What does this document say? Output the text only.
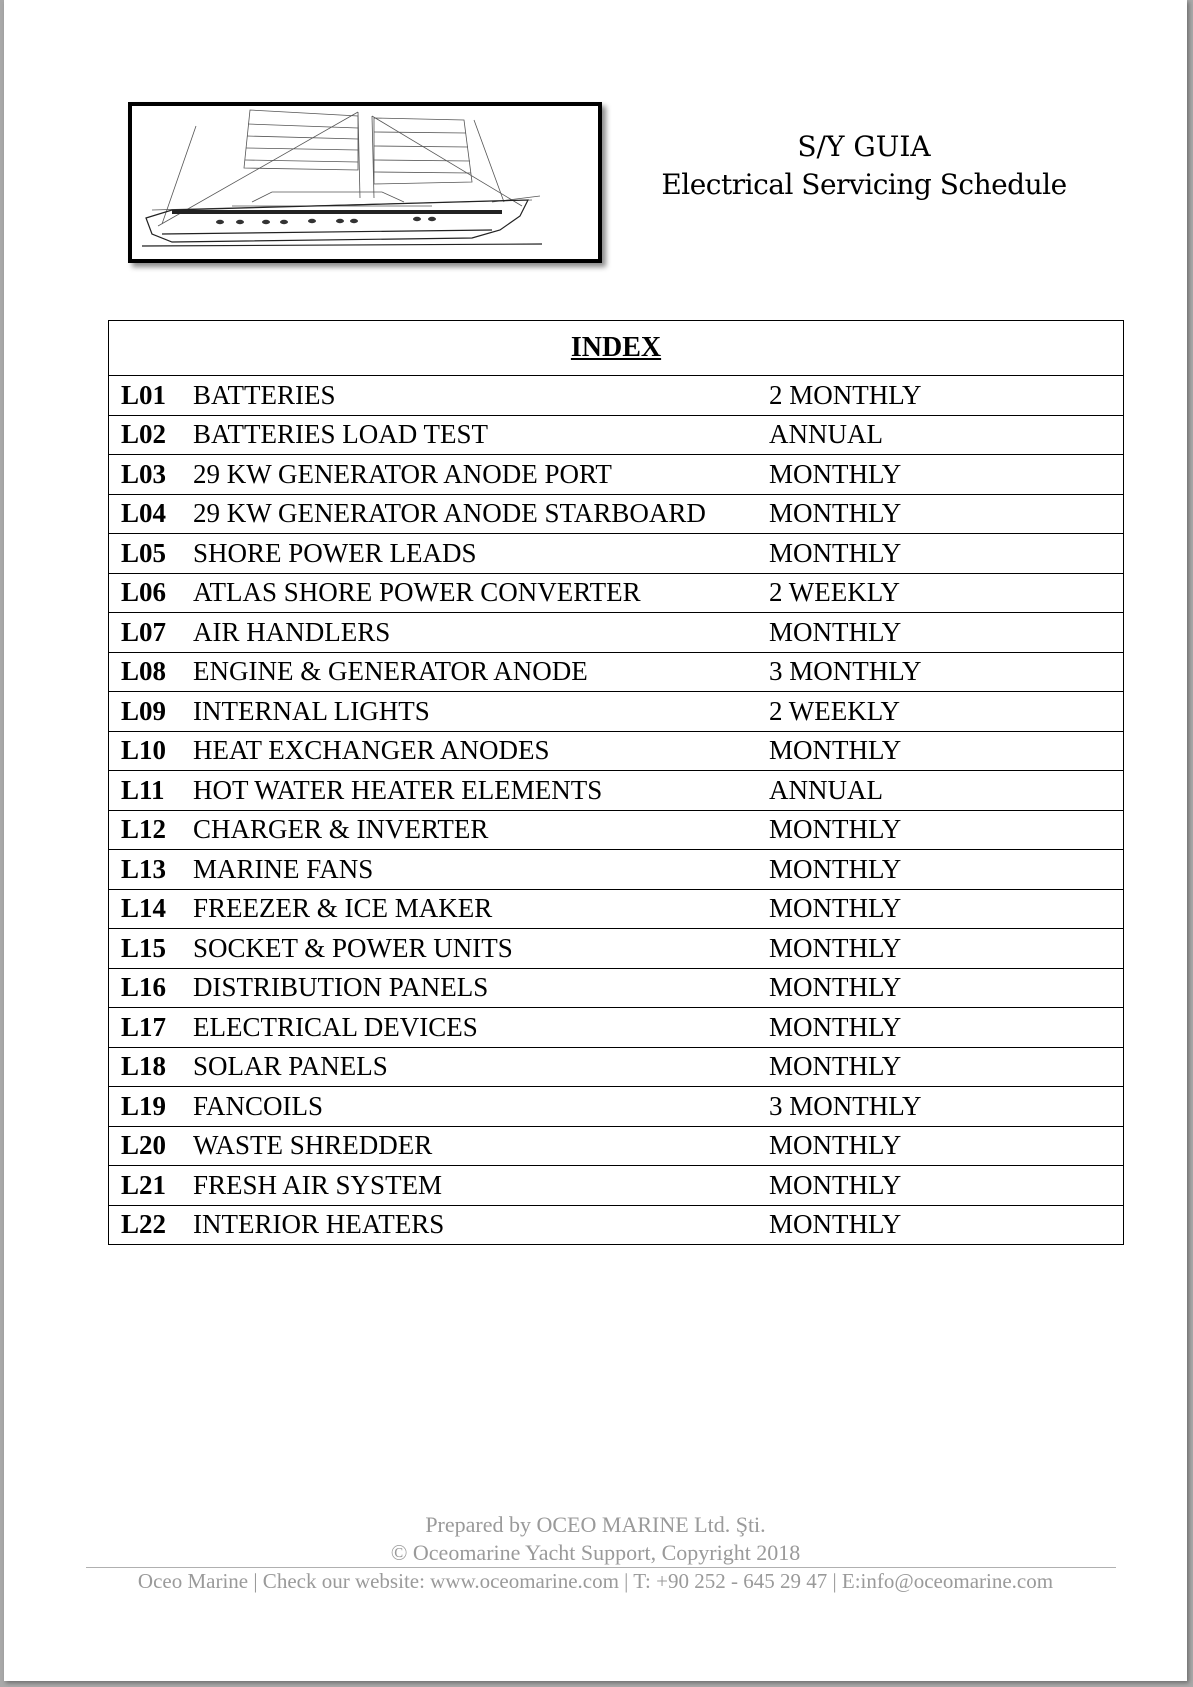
S/Y GUIA
Electrical Servicing Schedule
INDEX		
L01	BATTERIES	2 MONTHLY
L02	BATTERIES LOAD TEST	ANNUAL
L03	29 KW GENERATOR ANODE PORT	MONTHLY
L04	29 KW GENERATOR ANODE STARBOARD	MONTHLY
L05	SHORE POWER LEADS	MONTHLY
L06	ATLAS SHORE POWER CONVERTER	2 WEEKLY
L07	AIR HANDLERS	MONTHLY
L08	ENGINE & GENERATOR ANODE	3 MONTHLY
L09	INTERNAL LIGHTS	2 WEEKLY
L10	HEAT EXCHANGER ANODES	MONTHLY
L11	HOT WATER HEATER ELEMENTS	ANNUAL
L12	CHARGER & INVERTER	MONTHLY
L13	MARINE FANS	MONTHLY
L14	FREEZER & ICE MAKER	MONTHLY
L15	SOCKET & POWER UNITS	MONTHLY
L16	DISTRIBUTION PANELS	MONTHLY
L17	ELECTRICAL DEVICES	MONTHLY
L18	SOLAR PANELS	MONTHLY
L19	FANCOILS	3 MONTHLY
L20	WASTE SHREDDER	MONTHLY
L21	FRESH AIR SYSTEM	MONTHLY
L22	INTERIOR HEATERS	MONTHLY
Prepared by OCEO MARINE Ltd. Şti.
© Oceomarine Yacht Support, Copyright 2018
Oceo Marine | Check our website: www.oceomarine.com | T: +90 252 - 645 29 47 | E:info@oceomarine.com
